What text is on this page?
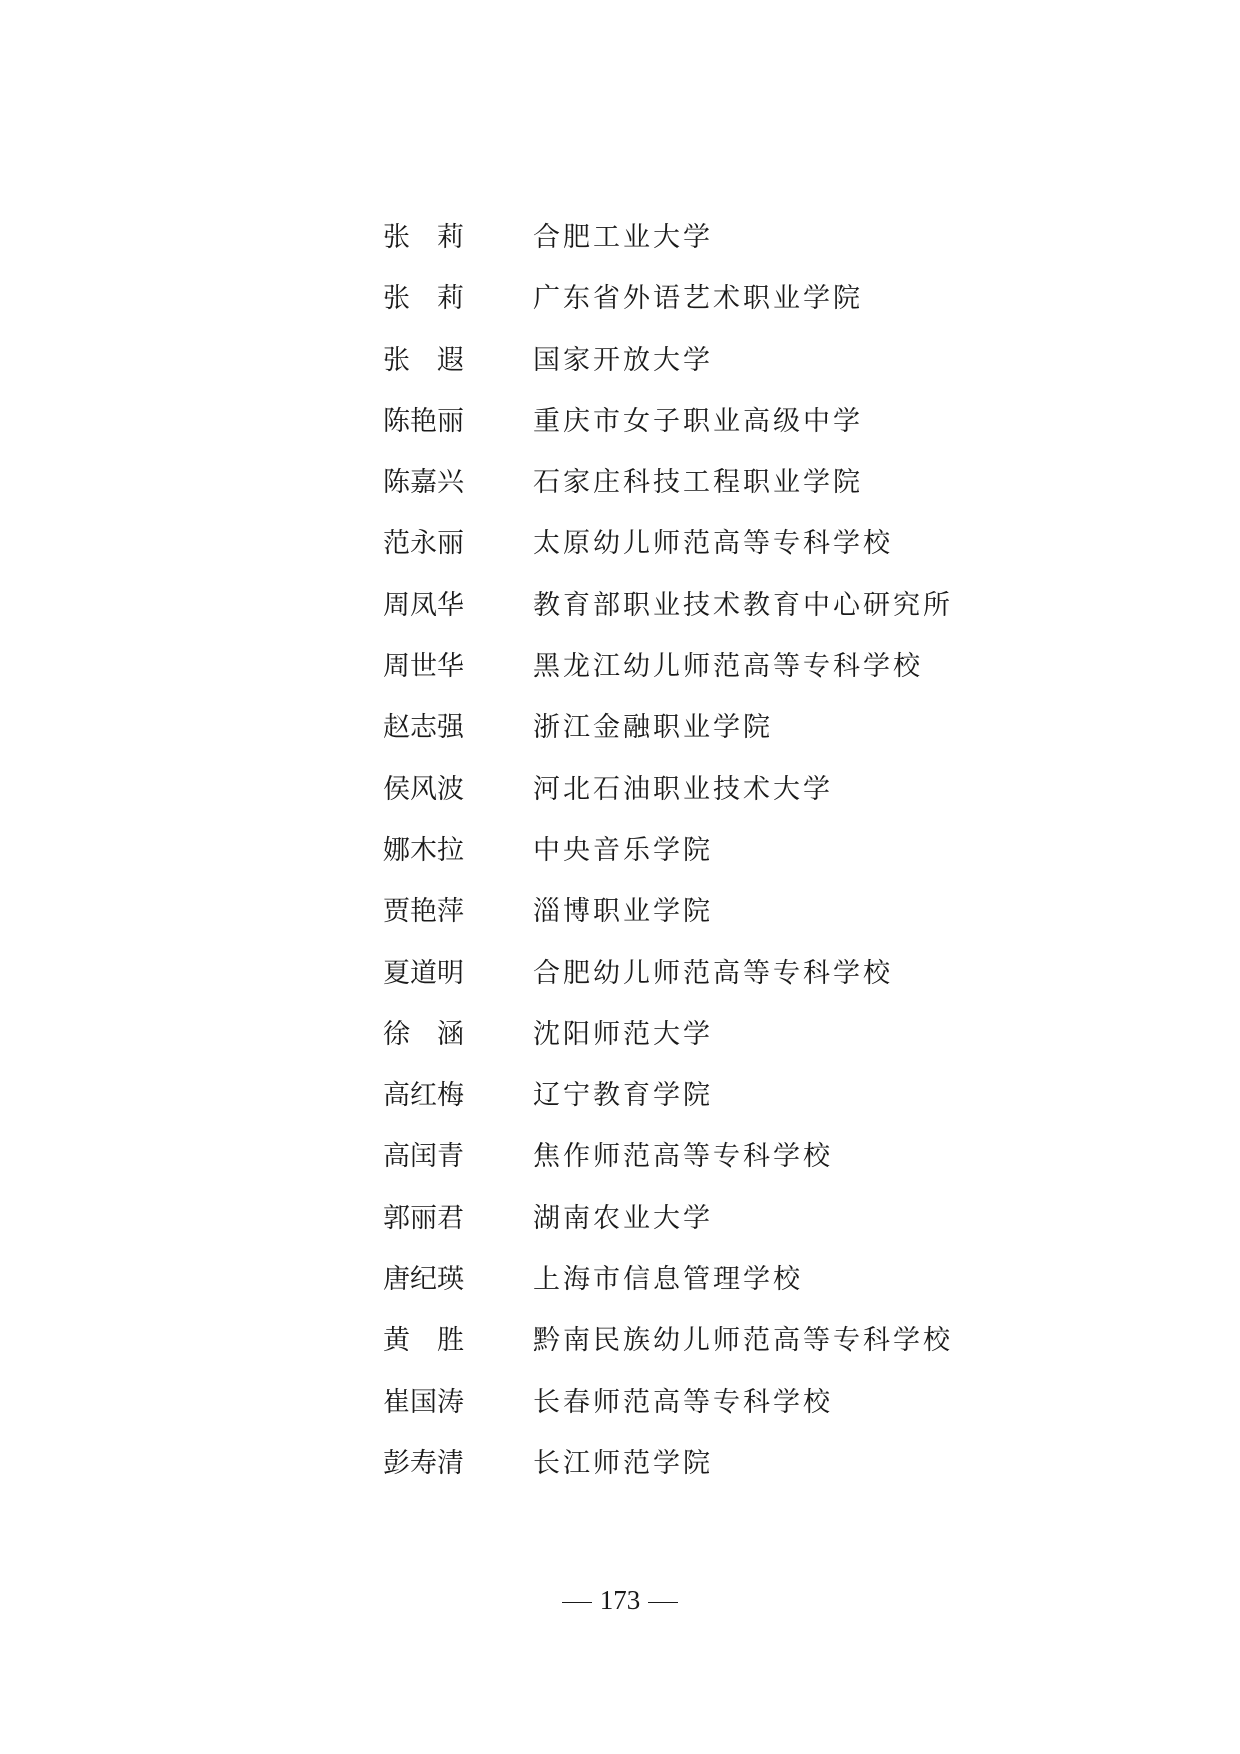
张　莉	合肥工业大学
张　莉	广东省外语艺术职业学院
张　遐	国家开放大学
陈艳丽	重庆市女子职业高级中学
陈嘉兴	石家庄科技工程职业学院
范永丽	太原幼儿师范高等专科学校
周凤华	教育部职业技术教育中心研究所
周世华	黑龙江幼儿师范高等专科学校
赵志强	浙江金融职业学院
侯风波	河北石油职业技术大学
娜木拉	中央音乐学院
贾艳萍	淄博职业学院
夏道明	合肥幼儿师范高等专科学校
徐　涵	沈阳师范大学
高红梅	辽宁教育学院
高闰青	焦作师范高等专科学校
郭丽君	湖南农业大学
唐纪瑛	上海市信息管理学校
黄　胜	黔南民族幼儿师范高等专科学校
崔国涛	长春师范高等专科学校
彭寿清	长江师范学院
173
